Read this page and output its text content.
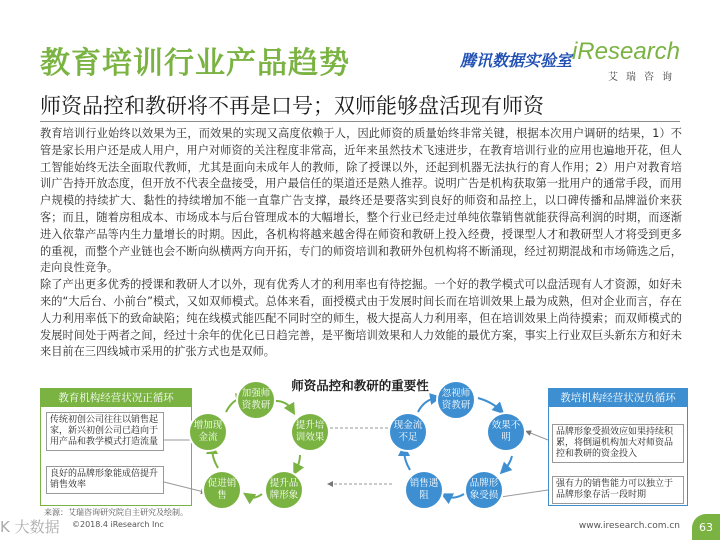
教育培训行业产品趋势	腾讯数据实验室 iResearch
艾瑞咨询
师资品控和教研将不再是口号；双师能够盘活现有师资

教育培训行业始终以效果为王，而效果的实现又高度依赖于人，因此师资的质量始终非常关键，根据本次用户调研的结果，1）不管是家长用户还是成人用户，用户对师资的关注程度非常高，近年来虽然技术飞速进步，在教育培训行业的应用也遍地开花，但人工智能始终无法全面取代教师，尤其是面向未成年人的教师，除了授课以外，还起到机器无法执行的育人作用；2）用户对教育培训广告持开放态度，但开放不代表全盘接受，用户最信任的渠道还是熟人推荐。说明广告是机构获取第一批用户的通常手段，而用户规模的持续扩大、黏性的持续增加不能一直靠广告支撑，最终还是要落实到良好的师资和品控上，以口碑传播和品牌溢价来获客；而且，随着房租成本、市场成本与后台管理成本的大幅增长，整个行业已经走过单纯依靠销售就能获得高利润的时期，而逐渐进入依靠产品等内生力量增长的时期。因此，各机构将越来越舍得在师资和教研上投入经费，授课型人才和教研型人才将受到更多的重视，而整个产业链也会不断向纵横两方向开拓，专门的师资培训和教研外包机构将不断涌现，经过初期混战和市场筛选之后，走向良性竞争。

除了产出更多优秀的授课和教研人才以外，现有优秀人才的利用率也有待挖掘。一个好的教学模式可以盘活现有人才资源，如好未来的“大后台、小前台”模式，又如双师模式。总体来看，面授模式由于发展时间长而在培训效果上最为成熟，但对企业而言，存在人力利用率低下的致命缺陷；纯在线模式能匹配不同时空的师生，极大提高人力利用率，但在培训效果上尚待摸索；而双师模式的发展时间处于两者之间，经过十余年的优化已日趋完善，是平衡培训效果和人力效能的最优方案，事实上行业双巨头新东方和好未来目前在三四线城市采用的扩张方式也是双师。

师资品控和教研的重要性
教育机构经营状况正循环
传统初创公司往往以销售起家，新兴初创公司已趋向于用产品和教学模式打造流量
良好的品牌形象能成倍提升销售效率
教培机构经营状况负循环
品牌形象受损效应如果持续积累，将倒逼机构加大对师资品控和教研的资金投入
强有力的销售能力可以独立于品牌形象存活一段时期
加强师资教研
提升培训效果
提升品牌形象
促进销售
增加现金流
忽视师资教研
效果不明
品牌形象受损
销售遇阻
现金流不足
来源：艾瑞咨询研究院自主研究及绘制。
K 大数据 ©2018.4 iResearch Inc	www.iresearch.com.cn	63
